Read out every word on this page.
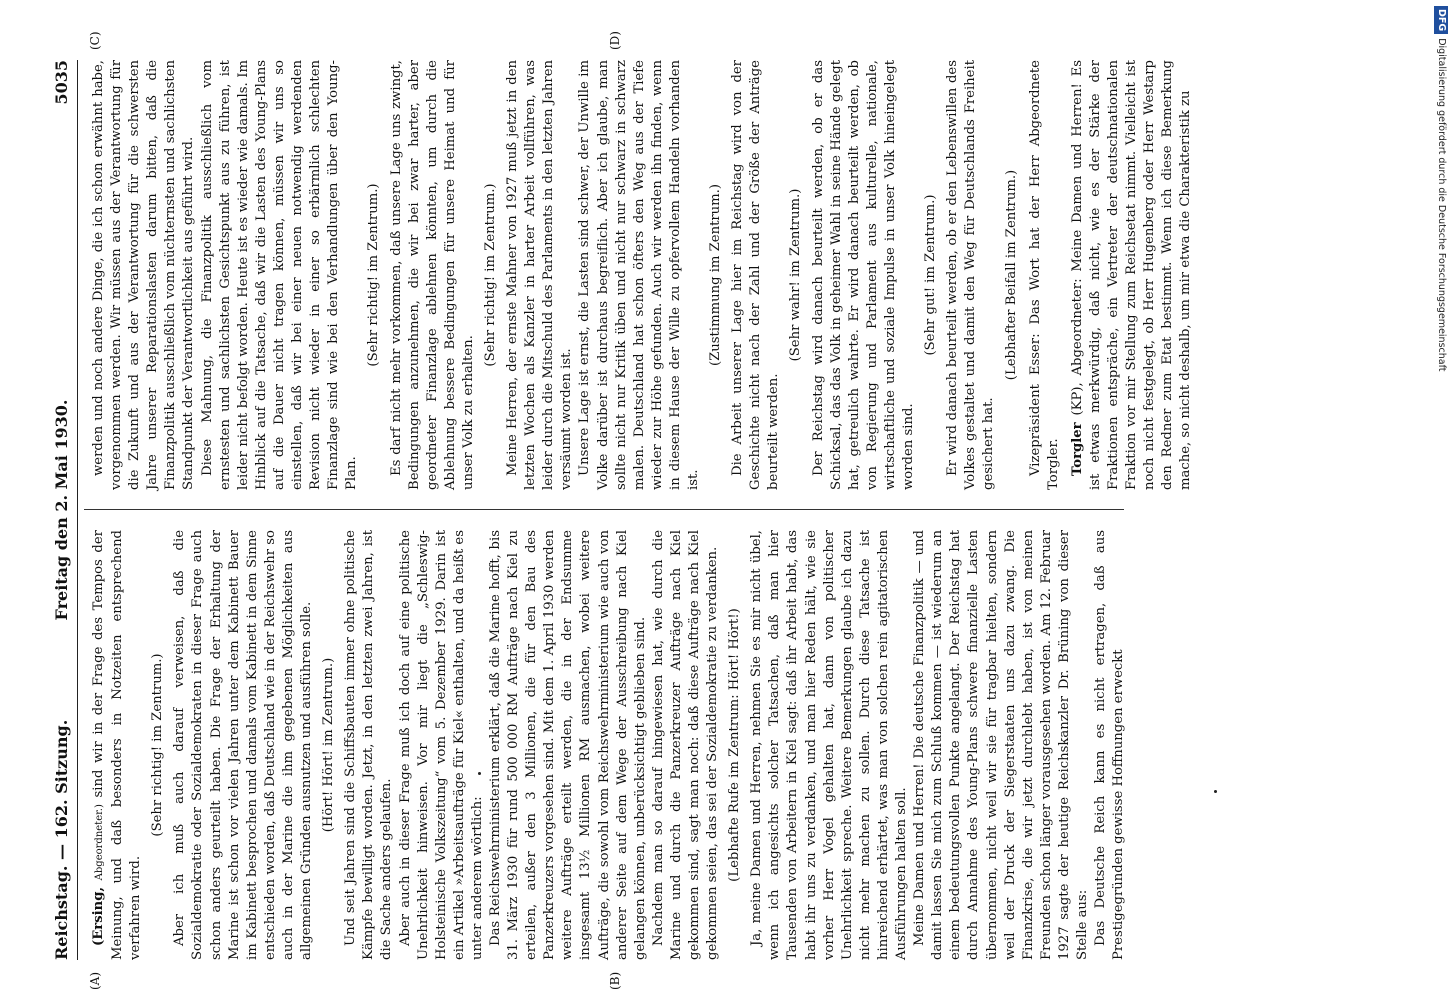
Reichstag. — 162. Sitzung.
Freitag den 2. Mai 1930.
5035
(A)	(B)
(C)	(D)

(Ersing, Abgeordneter.) sind wir in der Frage des Tempos der Meinung, und daß besonders in Notzeiten entsprechend verfahren wird.

(Sehr richtig! im Zentrum.) Aber ich muß auch darauf verweisen, daß die Sozialdemokratie oder Sozialdemokraten in dieser Frage auch schon anders geurteilt haben. Die Frage der Erhaltung der Marine ist schon vor vielen Jahren unter dem Kabinett Bauer im Kabinett besprochen und damals vom Kabinett in dem Sinne entschieden worden, daß Deutschland wie in der Reichswehr so auch in der Marine die ihm gegebenen Möglichkeiten aus allgemeinen Gründen ausnutzen und ausführen solle. (Hört! Hört! im Zentrum.) Und seit Jahren sind die Schiffsbauten immer ohne politische Kämpfe bewilligt worden. Jetzt, in den letzten zwei Jahren, ist die Sache anders gelaufen. Aber auch in dieser Frage muß ich doch auf eine politische Unehrlichkeit hinweisen. Vor mir liegt die „Schleswig-Holsteinische Volkszeitung“ vom 5. Dezember 1929. Darin ist ein Artikel »Arbeitsaufträge für Kiel« enthalten, und da heißt es unter anderem wörtlich: Das Reichswehrministerium erklärt, daß die Marine hofft, bis 31. März 1930 für rund 500 000 RM Aufträge nach Kiel zu erteilen, außer den 3 Millionen, die für den Bau des Panzerkreuzers vorgesehen sind. Mit dem 1. April 1930 werden weitere Aufträge erteilt werden, die in der Endsumme insgesamt 13½ Millionen RM ausmachen, wobei weitere Aufträge, die sowohl vom Reichswehrministerium wie auch von anderer Seite auf dem Wege der Ausschreibung nach Kiel gelangen können, unberücksichtigt geblieben sind. Nachdem man so darauf hingewiesen hat, wie durch die Marine und durch die Panzerkreuzer Aufträge nach Kiel gekommen sind, sagt man noch: daß diese Aufträge nach Kiel gekommen seien, das sei der Sozialdemokratie zu verdanken. (Lebhafte Rufe im Zentrum: Hört! Hört!) Ja, meine Damen und Herren, nehmen Sie es mir nicht übel, wenn ich angesichts solcher Tatsachen, daß man hier Tausenden von Arbeitern in Kiel sagt: daß ihr Arbeit habt, das habt ihr uns zu verdanken, und man hier Reden hält, wie sie vorher Herr Vogel gehalten hat, dann von politischer Unehrlichkeit spreche. Weitere Bemerkungen glaube ich dazu nicht mehr machen zu sollen. Durch diese Tatsache ist hinreichend erhärtet, was man von solchen rein agitatorischen Ausführungen halten soll. Meine Damen und Herren! Die deutsche Finanzpolitik — und damit lassen Sie mich zum Schluß kommen — ist wiederum an einem bedeutungsvollen Punkte angelangt. Der Reichstag hat durch Annahme des Young-Plans schwere finanzielle Lasten übernommen, nicht weil wir sie für tragbar hielten, sondern weil der Druck der Siegerstaaten uns dazu zwang. Die Finanzkrise, die wir jetzt durchlebt haben, ist von meinen Freunden schon länger vorausgesehen worden. Am 12. Februar 1927 sagte der heutige Reichskanzler Dr. Brüning von dieser Stelle aus: Das Deutsche Reich kann es nicht ertragen, daß aus Prestigegründen gewisse Hoffnungen erweckt

werden und noch andere Dinge, die ich schon erwähnt habe, vorgenommen werden. Wir müssen aus der Verantwortung für die Zukunft und aus der Verantwortung für die schwersten Jahre unserer Reparationslasten darum bitten, daß die Finanzpolitik ausschließlich vom nüchternsten und sachlichsten Standpunkt der Verantwortlichkeit aus geführt wird. Diese Mahnung, die Finanzpolitik ausschließlich vom ernstesten und sachlichsten Gesichtspunkt aus zu führen, ist leider nicht befolgt worden. Heute ist es wieder wie damals. Im Hinblick auf die Tatsache, daß wir die Lasten des Young-Plans auf die Dauer nicht tragen können, müssen wir uns so einstellen, daß wir bei einer neuen notwendig werdenden Revision nicht wieder in einer so erbärmlich schlechten Finanzlage sind wie bei den Verhandlungen über den Young-Plan.

(Sehr richtig! im Zentrum.) Es darf nicht mehr vorkommen, daß unsere Lage uns zwingt, Bedingungen anzunehmen, die wir bei zwar harter, aber geordneter Finanzlage ablehnen könnten, um durch die Ablehnung bessere Bedingungen für unsere Heimat und für unser Volk zu erhalten.

(Sehr richtig! im Zentrum.) Meine Herren, der ernste Mahner von 1927 muß jetzt in den letzten Wochen als Kanzler in harter Arbeit vollführen, was leider durch die Mitschuld des Parlaments in den letzten Jahren versäumt worden ist. Unsere Lage ist ernst, die Lasten sind schwer, der Unwille im Volke darüber ist durchaus begreiflich. Aber ich glaube, man sollte nicht nur Kritik üben und nicht nur schwarz in schwarz malen. Deutschland hat schon öfters den Weg aus der Tiefe wieder zur Höhe gefunden. Auch wir werden ihn finden, wenn in diesem Hause der Wille zu opfervollem Handeln vorhanden ist.

(Zustimmung im Zentrum.) Die Arbeit unserer Lage hier im Reichstag wird von der Geschichte nicht nach der Zahl und der Größe der Anträge beurteilt werden.

(Sehr wahr! im Zentrum.) Der Reichstag wird danach beurteilt werden, ob er das Schicksal, das das Volk in geheimer Wahl in seine Hände gelegt hat, getreulich wahrte. Er wird danach beurteilt werden, ob von Regierung und Parlament aus kulturelle, nationale, wirtschaftliche und soziale Impulse in unser Volk hineingelegt worden sind.

(Sehr gut! im Zentrum.) Er wird danach beurteilt werden, ob er den Lebenswillen des Volkes gestaltet und damit den Weg für Deutschlands Freiheit gesichert hat.

(Lebhafter Beifall im Zentrum.) Vizepräsident Esser: Das Wort hat der Herr Abgeordnete Torgler. Torgler (KP), Abgeordneter: Meine Damen und Herren! Es ist etwas merkwürdig, daß nicht, wie es der Stärke der Fraktionen entspräche, ein Vertreter der deutschnationalen Fraktion vor mir Stellung zum Reichsetat nimmt. Vielleicht ist noch nicht festgelegt, ob Herr Hugenberg oder Herr Westarp den Redner zum Etat bestimmt. Wenn ich diese Bemerkung mache, so nicht deshalb, um mir etwa die Charakteristik zu

DFGDigitalisierung gefördert durch die Deutsche Forschungsgemeinschaft
